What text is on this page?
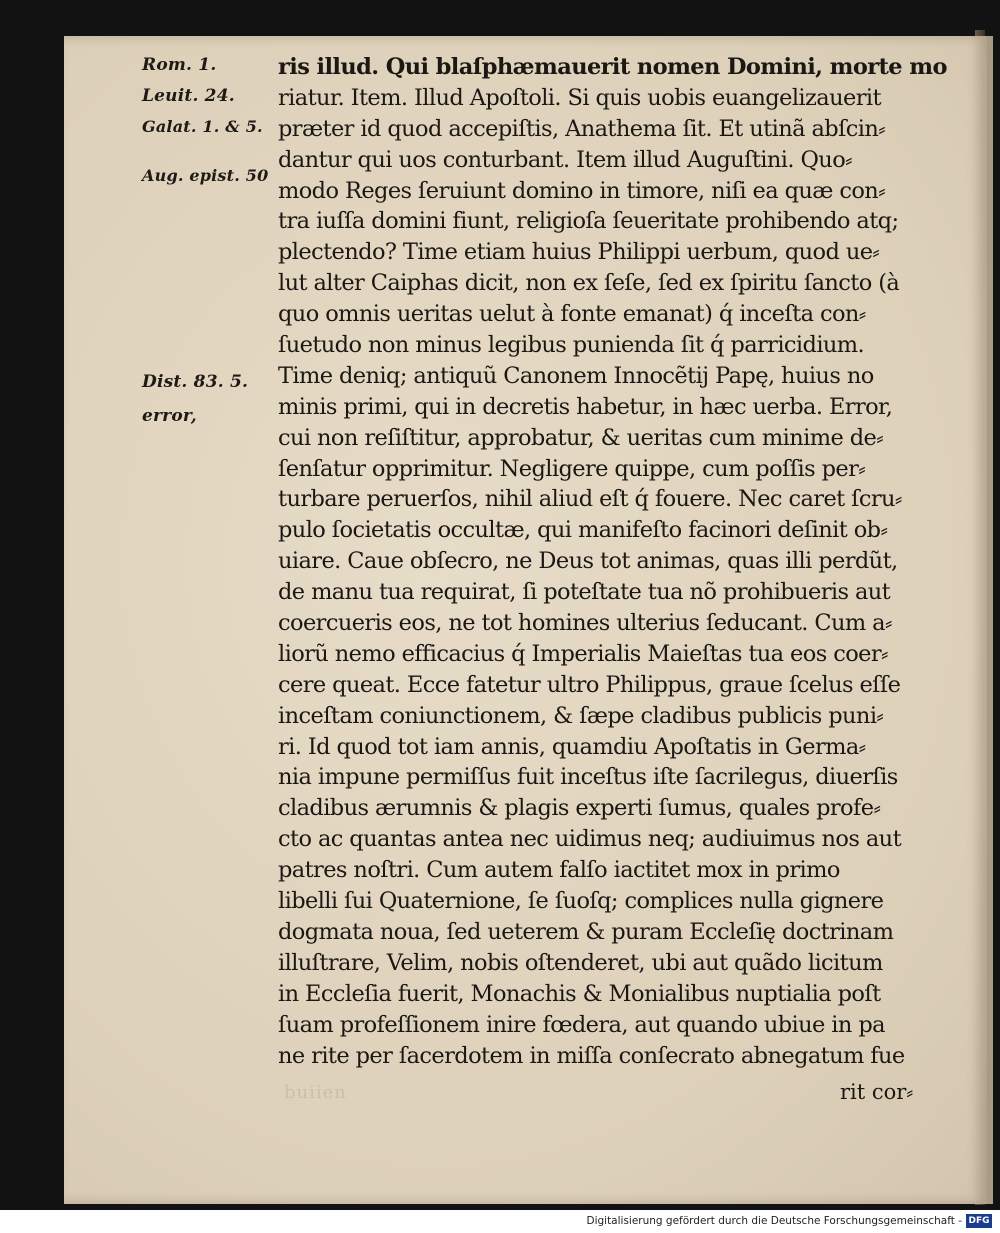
Rom. 1.
Leuit. 24.
Galat. 1. & 5.
Aug. epist. 50
Dist. 83. 5.
error,
ris illud. Qui blaſphæmauerit nomen Domini, morte mo
riatur. Item. Illud Apoſtoli. Si quis uobis euangelizauerit
præter id quod accepiſtis, Anathema ſit. Et utinã abſcin⸗
dantur qui uos conturbant. Item illud Auguſtini. Quo⸗
modo Reges ſeruiunt domino in timore, niſi ea quæ con⸗
tra iuſſa domini fiunt, religioſa ſeueritate prohibendo atq;
plectendo? Time etiam huius Philippi uerbum, quod ue⸗
lut alter Caiphas dicit, non ex ſeſe, ſed ex ſpiritu ſancto (à
quo omnis ueritas uelut à fonte emanat) q́ inceſta con⸗
ſuetudo non minus legibus punienda ſit q́ parricidium.
Time deniq; antiquũ Canonem Innocẽtij Papę, huius no
minis primi, qui in decretis habetur, in hæc uerba. Error,
cui non reſiſtitur, approbatur, & ueritas cum minime de⸗
ſenſatur opprimitur. Negligere quippe, cum poſſis per⸗
turbare peruerſos, nihil aliud eſt q́ fouere. Nec caret ſcru⸗
pulo ſocietatis occultæ, qui manifeſto facinori deſinit ob⸗
uiare. Caue obſecro, ne Deus tot animas, quas illi perdũt,
de manu tua requirat, ſi poteſtate tua nõ prohibueris aut
coercueris eos, ne tot homines ulterius ſeducant. Cum a⸗
liorũ nemo efficacius q́ Imperialis Maieſtas tua eos coer⸗
cere queat. Ecce fatetur ultro Philippus, graue ſcelus eſſe
inceſtam coniunctionem, & ſæpe cladibus publicis puni⸗
ri. Id quod tot iam annis, quamdiu Apoſtatis in Germa⸗
nia impune permiſſus fuit inceſtus iſte ſacrilegus, diuerſis
cladibus ærumnis & plagis experti ſumus, quales profe⸗
cto ac quantas antea nec uidimus neq; audiuimus nos aut
patres noſtri. Cum autem falſo iactitet mox in primo
libelli ſui Quaternione, ſe ſuoſq; complices nulla gignere
dogmata noua, ſed ueterem & puram Eccleſię doctrinam
illuſtrare, Velim, nobis oſtenderet, ubi aut quãdo licitum
in Eccleſia fuerit, Monachis & Monialibus nuptialia poſt
ſuam profeſſionem inire fœdera, aut quando ubiue in pa
ne rite per ſacerdotem in miſſa conſecrato abnegatum fue
buiien	rit cor⸗
Digitalisierung gefördert durch die Deutsche Forschungsgemeinschaft - DFG
